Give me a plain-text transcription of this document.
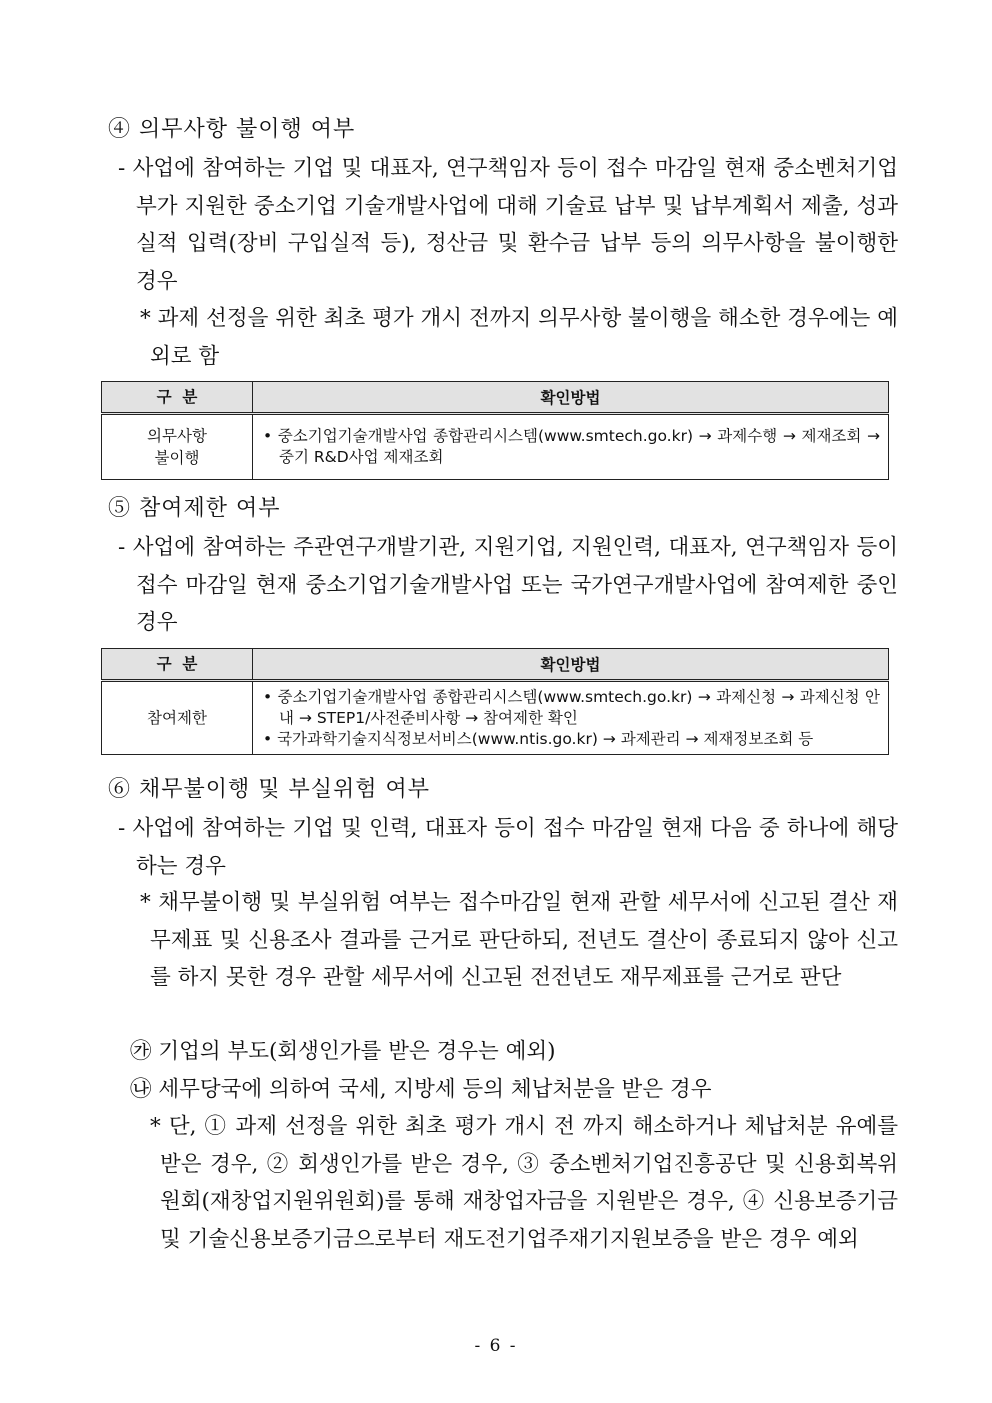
④ 의무사항 불이행 여부
- 사업에 참여하는 기업 및 대표자, 연구책임자 등이 접수 마감일 현재 중소벤처기업부가 지원한 중소기업 기술개발사업에 대해 기술료 납부 및 납부계획서 제출, 성과 실적 입력(장비 구입실적 등), 정산금 및 환수금 납부 등의 의무사항을 불이행한 경우
* 과제 선정을 위한 최초 평가 개시 전까지 의무사항 불이행을 해소한 경우에는 예외로 함
구  분	확인방법
의무사항
불이행	• 중소기업기술개발사업 종합관리시스템(www.smtech.go.kr) → 과제수행 → 제재조회 → 중기 R&D사업 제재조회
⑤ 참여제한 여부
- 사업에 참여하는 주관연구개발기관, 지원기업, 지원인력, 대표자, 연구책임자 등이 접수 마감일 현재 중소기업기술개발사업 또는 국가연구개발사업에 참여제한 중인 경우
구  분	확인방법
참여제한	• 중소기업기술개발사업 종합관리시스템(www.smtech.go.kr) → 과제신청 → 과제신청 안내 → STEP1/사전준비사항 → 참여제한 확인
• 국가과학기술지식정보서비스(www.ntis.go.kr) → 과제관리 → 제재정보조회 등
⑥ 채무불이행 및 부실위험 여부
- 사업에 참여하는 기업 및 인력, 대표자 등이 접수 마감일 현재 다음 중 하나에 해당하는 경우
* 채무불이행 및 부실위험 여부는 접수마감일 현재 관할 세무서에 신고된 결산 재무제표 및 신용조사 결과를 근거로 판단하되, 전년도 결산이 종료되지 않아 신고를 하지 못한 경우 관할 세무서에 신고된 전전년도 재무제표를 근거로 판단
㉮ 기업의 부도(회생인가를 받은 경우는 예외)
㉯ 세무당국에 의하여 국세, 지방세 등의 체납처분을 받은 경우
* 단, ① 과제 선정을 위한 최초 평가 개시 전 까지 해소하거나 체납처분 유예를 받은 경우, ② 회생인가를 받은 경우, ③ 중소벤처기업진흥공단 및 신용회복위원회(재창업지원위원회)를 통해 재창업자금을 지원받은 경우, ④ 신용보증기금 및 기술신용보증기금으로부터 재도전기업주재기지원보증을 받은 경우 예외
- 6 -
